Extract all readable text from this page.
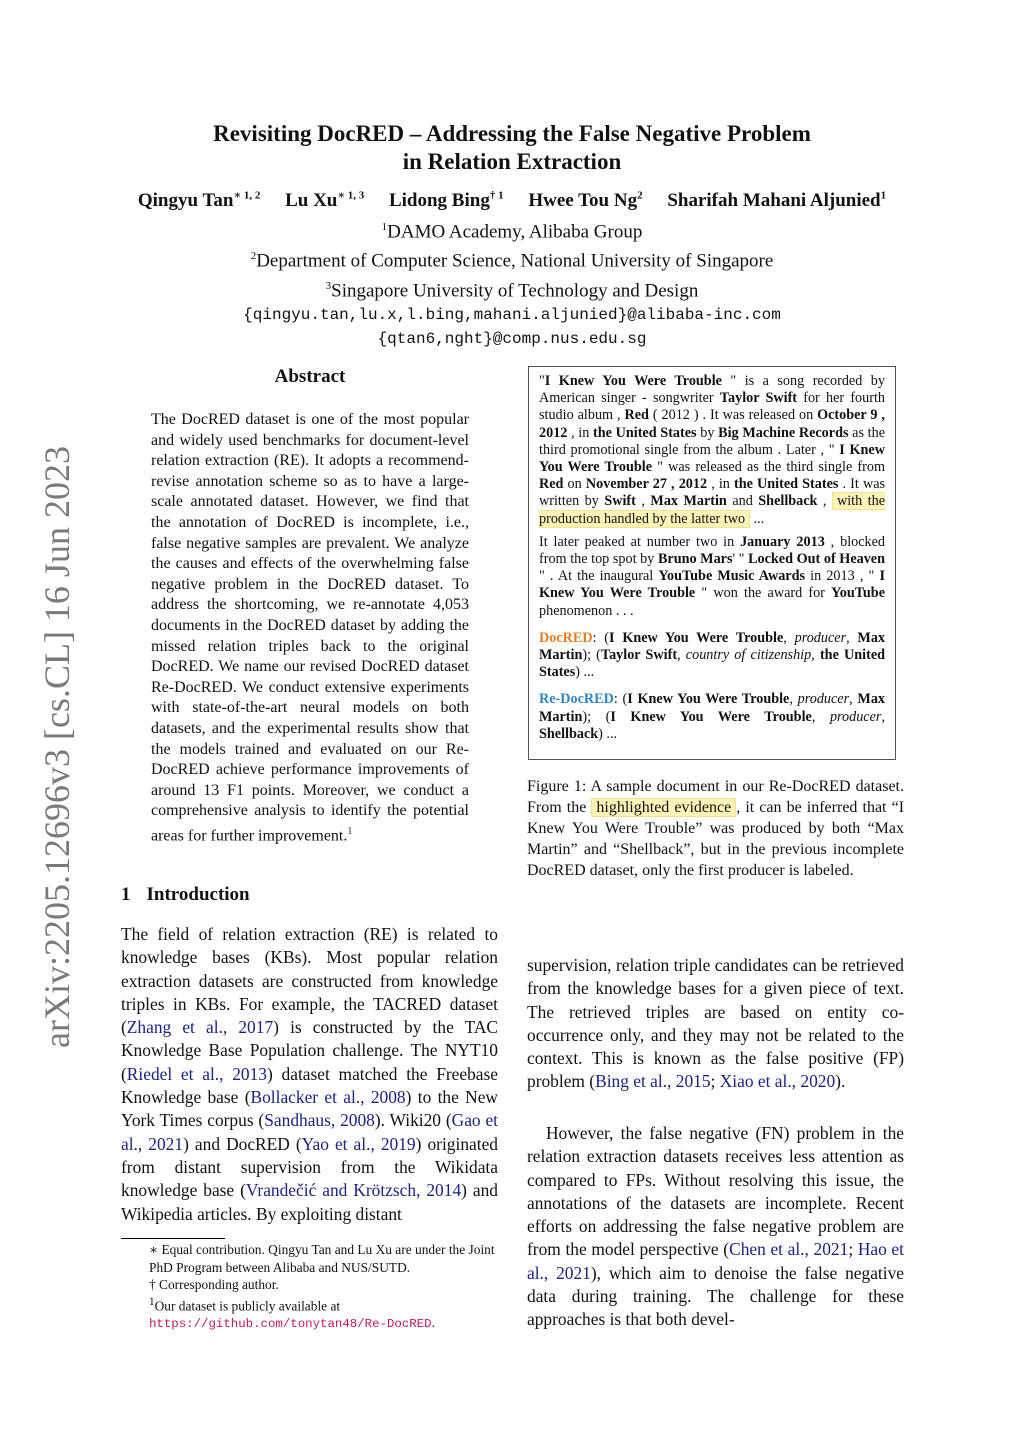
arXiv:2205.12696v3 [cs.CL] 16 Jun 2023
Revisiting DocRED – Addressing the False Negative Problem
in Relation Extraction
Qingyu Tan$^{∗ 1, 2}$ Lu $Xu^{∗ 1, 3}$ Lidong Bing$^{\dagger 1}$ Hwee Tou Ng$^2$ Sharifah Mahani Aljunied$^1$
$^1$DAMO Academy, Alibaba Group
$^2$Department of Computer Science, National University of Singapore
$^3$Singapore University of Technology and Design
{qingyu.tan,lu.x,l.bing,mahani.aljunied}@alibaba-inc.com
{qtan6,nght}@comp.nus.edu.sg
Abstract
The DocRED dataset is one of the most popular and widely used benchmarks for document-level relation extraction (RE). It adopts a recommend-revise annotation scheme so as to have a large-scale annotated dataset. However, we find that the annotation of DocRED is incomplete, i.e., false negative samples are prevalent. We analyze the causes and effects of the overwhelming false negative problem in the DocRED dataset. To address the shortcoming, we re-annotate 4,053 documents in the DocRED dataset by adding the missed relation triples back to the original DocRED. We name our revised DocRED dataset Re-DocRED. We conduct extensive experiments with state-of-the-art neural models on both datasets, and the experimental results show that the models trained and evaluated on our Re-DocRED achieve performance improvements of around 13 F1 points. Moreover, we conduct a comprehensive analysis to identify the potential areas for further improvement.$^1$
1 Introduction
The field of relation extraction (RE) is related to knowledge bases (KBs). Most popular relation extraction datasets are constructed from knowledge triples in KBs. For example, the TACRED dataset (Zhang et al., 2017) is constructed by the TAC Knowledge Base Population challenge. The NYT10 (Riedel et al., 2013) dataset matched the Freebase Knowledge base (Bollacker et al., 2008) to the New York Times corpus (Sandhaus, 2008). Wiki20 (Gao et al., 2021) and DocRED (Yao et al., 2019) originated from distant supervision from the Wikidata knowledge base (Vrandečić and Krötzsch, 2014) and Wikipedia articles. By exploiting distant

∗ Equal contribution. Qingyu Tan and Lu Xu are under the Joint PhD Program between Alibaba and NUS/SUTD.

† Corresponding author.

$^1$Our dataset is publicly available at https://github.com/tonytan48/Re-DocRED.

"I Knew You Were Trouble " is a song recorded by American singer - songwriter Taylor Swift for her fourth studio album , Red ( 2012 ) . It was released on October 9 , 2012 , in the United States by Big Machine Records as the third promotional single from the album . Later , " I Knew You Were Trouble " was released as the third single from Red on November 27 , 2012 , in the United States . It was written by Swift , Max Martin and Shellback , with the production handled by the latter two ...

It later peaked at number two in January 2013 , blocked from the top spot by Bruno Mars' " Locked Out of Heaven " . At the inaugural YouTube Music Awards in 2013 , " I Knew You Were Trouble " won the award for YouTube phenomenon . . .

DocRED: (I Knew You Were Trouble, producer, Max Martin); (Taylor Swift, country of citizenship, the United States) ...

Re-DocRED: (I Knew You Were Trouble, producer, Max Martin); (I Knew You Were Trouble, producer, Shellback) ...

Figure 1: A sample document in our Re-DocRED dataset. From the highlighted evidence , it can be inferred that “I Knew You Were Trouble” was produced by both “Max Martin” and “Shellback”, but in the previous incomplete DocRED dataset, only the first producer is labeled.
supervision, relation triple candidates can be retrieved from the knowledge bases for a given piece of text. The retrieved triples are based on entity co-occurrence only, and they may not be related to the context. This is known as the false positive (FP) problem (Bing et al., 2015; Xiao et al., 2020).
However, the false negative (FN) problem in the relation extraction datasets receives less attention as compared to FPs. Without resolving this issue, the annotations of the datasets are incomplete. Recent efforts on addressing the false negative problem are from the model perspective (Chen et al., 2021; Hao et al., 2021), which aim to denoise the false negative data during training. The challenge for these approaches is that both devel-
